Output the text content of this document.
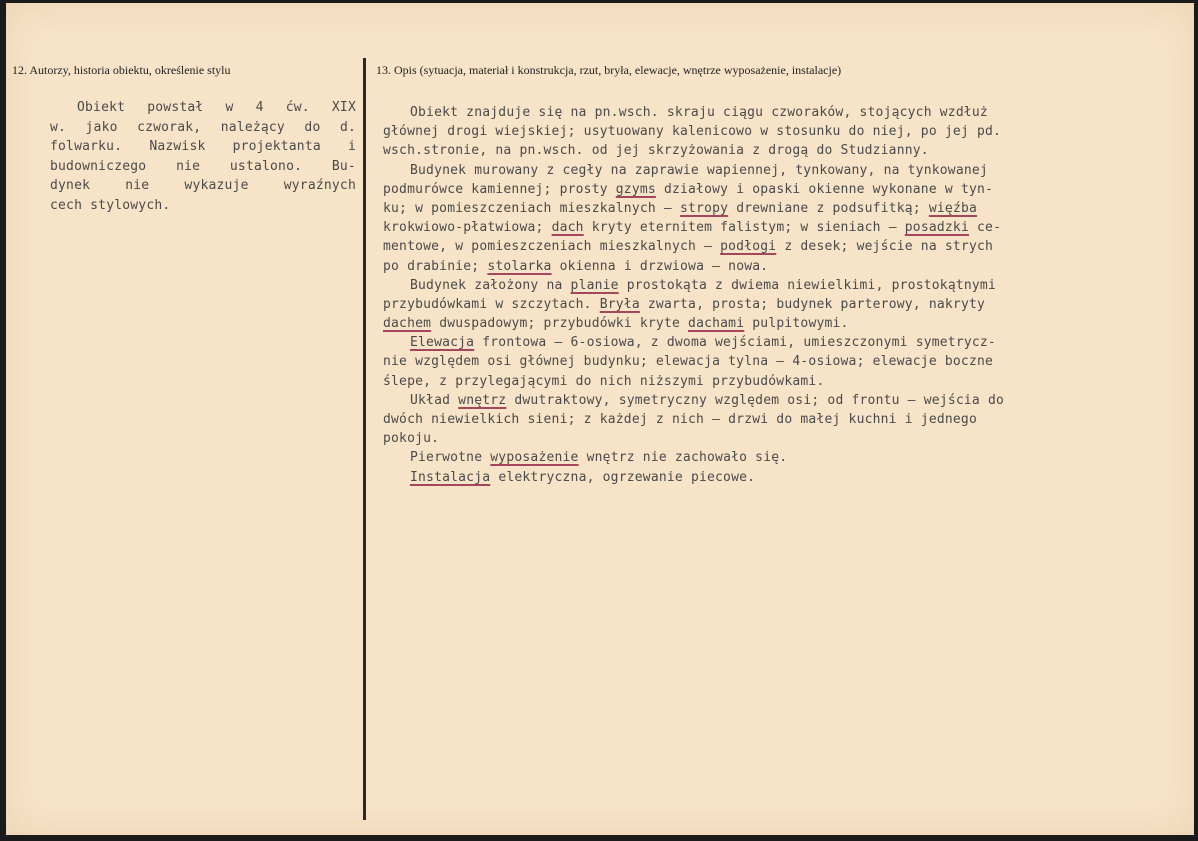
12. Autorzy, historia obiektu, określenie stylu	13. Opis (sytuacja, materiał i konstrukcja, rzut, bryła, elewacje, wnętrze wyposażenie, instalacje)
Obiekt powstał w 4 ćw. XIX
w. jako czworak, należący do d.
folwarku. Nazwisk projektanta i
budowniczego nie ustalono. Bu-
dynek	nie	wykazuje	wyraźnych
cech stylowych.
Obiekt znajduje się na pn.wsch. skraju ciągu czworaków, stojących wzdłuż
głównej drogi wiejskiej; usytuowany kalenicowo w stosunku do niej, po jej pd.
wsch.stronie, na pn.wsch. od jej skrzyżowania z drogą do Studzianny.
Budynek murowany z cegły na zaprawie wapiennej, tynkowany, na tynkowanej
podmurówce kamiennej; prosty gzyms działowy i opaski okienne wykonane w tyn-
ku; w pomieszczeniach mieszkalnych – stropy drewniane z podsufitką; więźba
krokwiowo-płatwiowa; dach kryty eternitem falistym; w sieniach – posadzki ce-
mentowe, w pomieszczeniach mieszkalnych – podłogi z desek; wejście na strych
po drabinie; stolarka okienna i drzwiowa – nowa.
Budynek założony na planie prostokąta z dwiema niewielkimi, prostokątnymi
przybudówkami w szczytach. Bryła zwarta, prosta; budynek parterowy, nakryty
dachem dwuspadowym; przybudówki kryte dachami pulpitowymi.
Elewacja frontowa – 6-osiowa, z dwoma wejściami, umieszczonymi symetrycz-
nie względem osi głównej budynku; elewacja tylna – 4-osiowa; elewacje boczne
ślepe, z przylegającymi do nich niższymi przybudówkami.
Układ wnętrz dwutraktowy, symetryczny względem osi; od frontu – wejścia do
dwóch niewielkich sieni; z każdej z nich – drzwi do małej kuchni i jednego
pokoju.
Pierwotne wyposażenie wnętrz nie zachowało się.
Instalacja elektryczna, ogrzewanie piecowe.
